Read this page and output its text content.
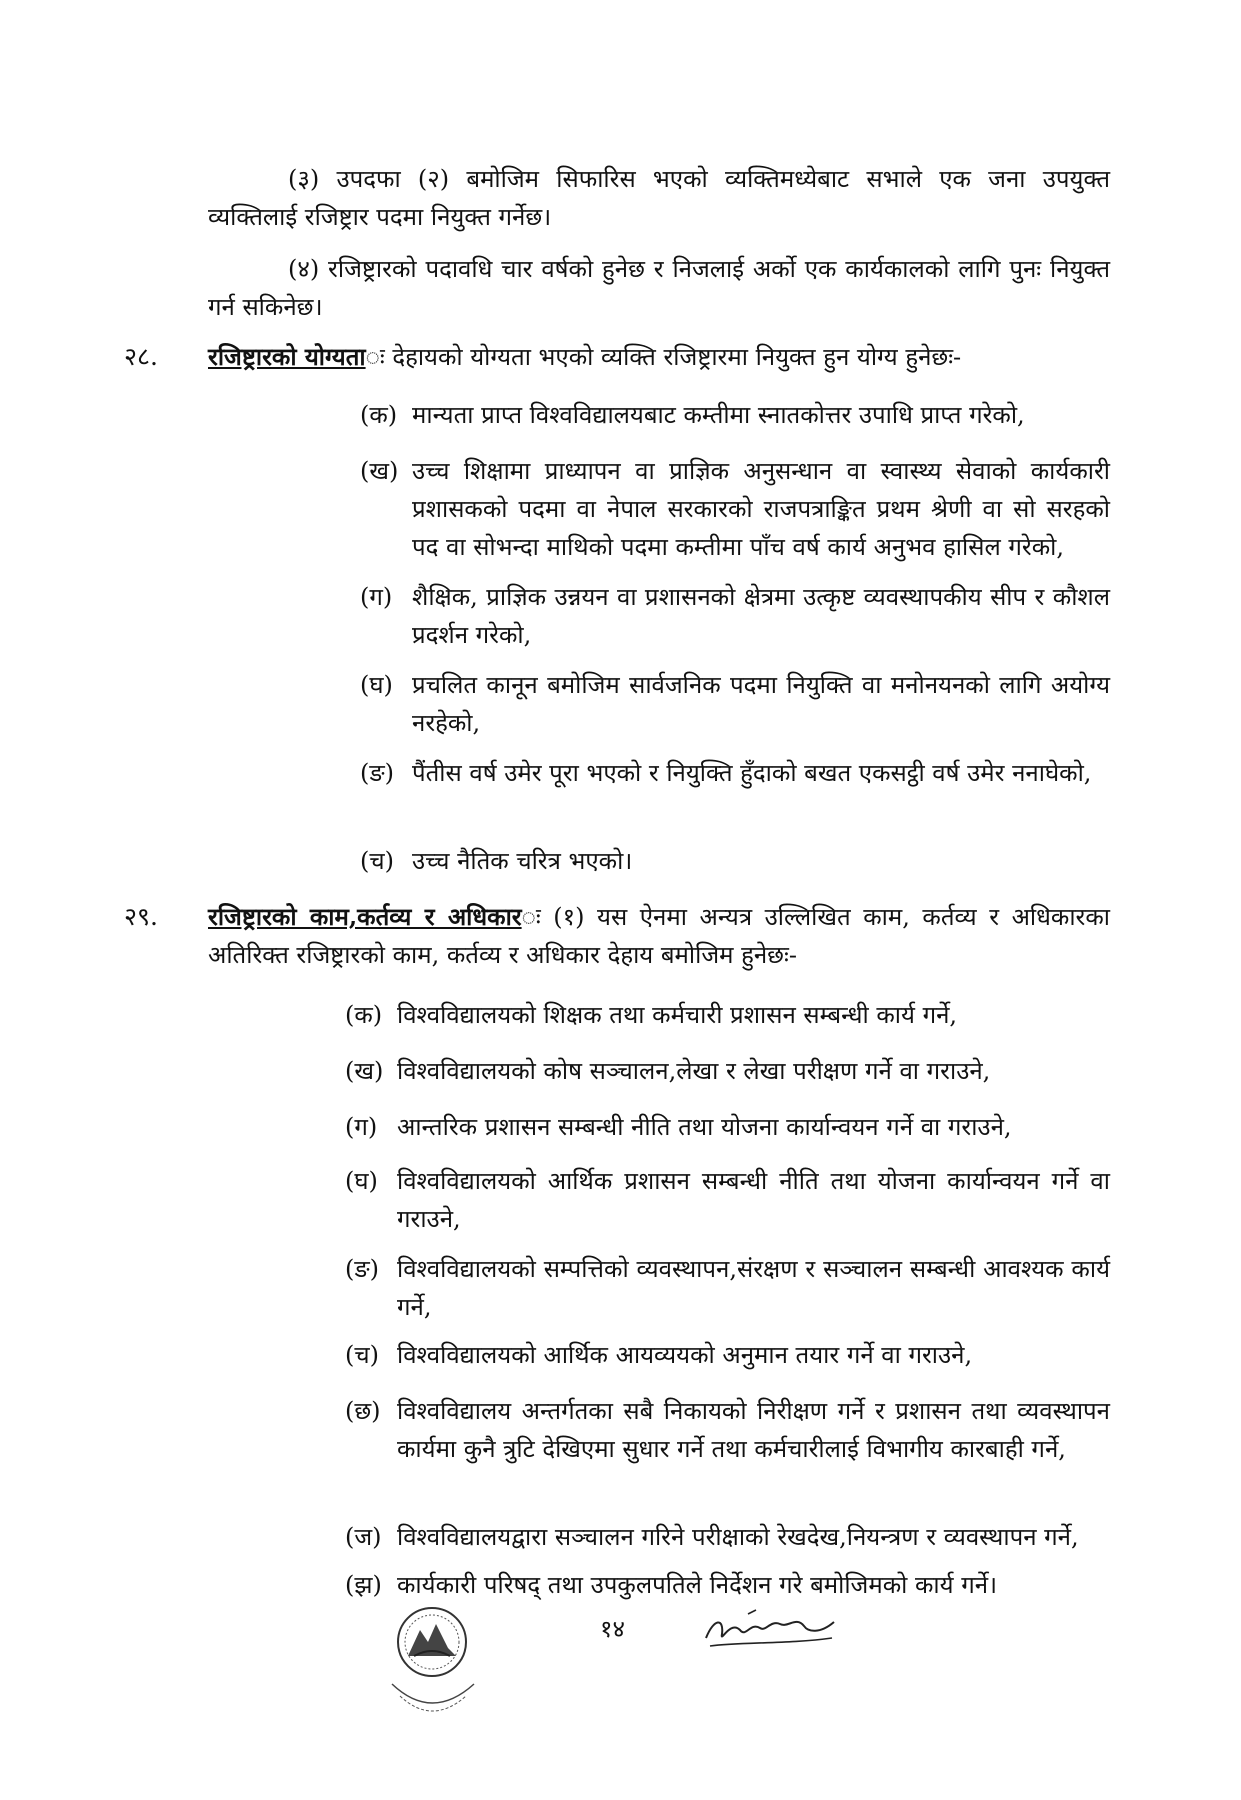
(३) उपदफा (२) बमोजिम सिफारिस भएको व्यक्तिमध्येबाट सभाले एक जना उपयुक्त व्यक्तिलाई रजिष्ट्रार पदमा नियुक्त गर्नेछ।

(४) रजिष्ट्रारको पदावधि चार वर्षको हुनेछ र निजलाई अर्को एक कार्यकालको लागि पुनः नियुक्त गर्न सकिनेछ।

२८. रजिष्ट्रारको योग्यताः देहायको योग्यता भएको व्यक्ति रजिष्ट्रारमा नियुक्त हुन योग्य हुनेछः-

(क) मान्यता प्राप्त विश्वविद्यालयबाट कम्तीमा स्नातकोत्तर उपाधि प्राप्त गरेको,
(ख) उच्च शिक्षामा प्राध्यापन वा प्राज्ञिक अनुसन्धान वा स्वास्थ्य सेवाको कार्यकारी प्रशासकको पदमा वा नेपाल सरकारको राजपत्राङ्कित प्रथम श्रेणी वा सो सरहको पद वा सोभन्दा माथिको पदमा कम्तीमा पाँच वर्ष कार्य अनुभव हासिल गरेको,
(ग) शैक्षिक, प्राज्ञिक उन्नयन वा प्रशासनको क्षेत्रमा उत्कृष्ट व्यवस्थापकीय सीप र कौशल प्रदर्शन गरेको,
(घ) प्रचलित कानून बमोजिम सार्वजनिक पदमा नियुक्ति वा मनोनयनको लागि अयोग्य नरहेको,
(ङ) पैंतीस वर्ष उमेर पूरा भएको र नियुक्ति हुँदाको बखत एकसट्ठी वर्ष उमेर ननाघेको,
(च) उच्च नैतिक चरित्र भएको।
२९. रजिष्ट्रारको काम,कर्तव्य र अधिकारः (१) यस ऐनमा अन्यत्र उल्लिखित काम, कर्तव्य र अधिकारका अतिरिक्त रजिष्ट्रारको काम, कर्तव्य र अधिकार देहाय बमोजिम हुनेछः-

(क) विश्वविद्यालयको शिक्षक तथा कर्मचारी प्रशासन सम्बन्धी कार्य गर्ने,
(ख) विश्वविद्यालयको कोष सञ्चालन,लेखा र लेखा परीक्षण गर्ने वा गराउने,
(ग) आन्तरिक प्रशासन सम्बन्धी नीति तथा योजना कार्यान्वयन गर्ने वा गराउने,
(घ) विश्वविद्यालयको आर्थिक प्रशासन सम्बन्धी नीति तथा योजना कार्यान्वयन गर्ने वा गराउने,
(ङ) विश्वविद्यालयको सम्पत्तिको व्यवस्थापन,संरक्षण र सञ्चालन सम्बन्धी आवश्यक कार्य गर्ने,
(च) विश्वविद्यालयको आर्थिक आयव्ययको अनुमान तयार गर्ने वा गराउने,
(छ) विश्वविद्यालय अन्तर्गतका सबै निकायको निरीक्षण गर्ने र प्रशासन तथा व्यवस्थापन कार्यमा कुनै त्रुटि देखिएमा सुधार गर्ने तथा कर्मचारीलाई विभागीय कारबाही गर्ने,
(ज) विश्वविद्यालयद्वारा सञ्चालन गरिने परीक्षाको रेखदेख,नियन्त्रण र व्यवस्थापन गर्ने,
(झ) कार्यकारी परिषद् तथा उपकुलपतिले निर्देशन गरे बमोजिमको कार्य गर्ने।
१४
